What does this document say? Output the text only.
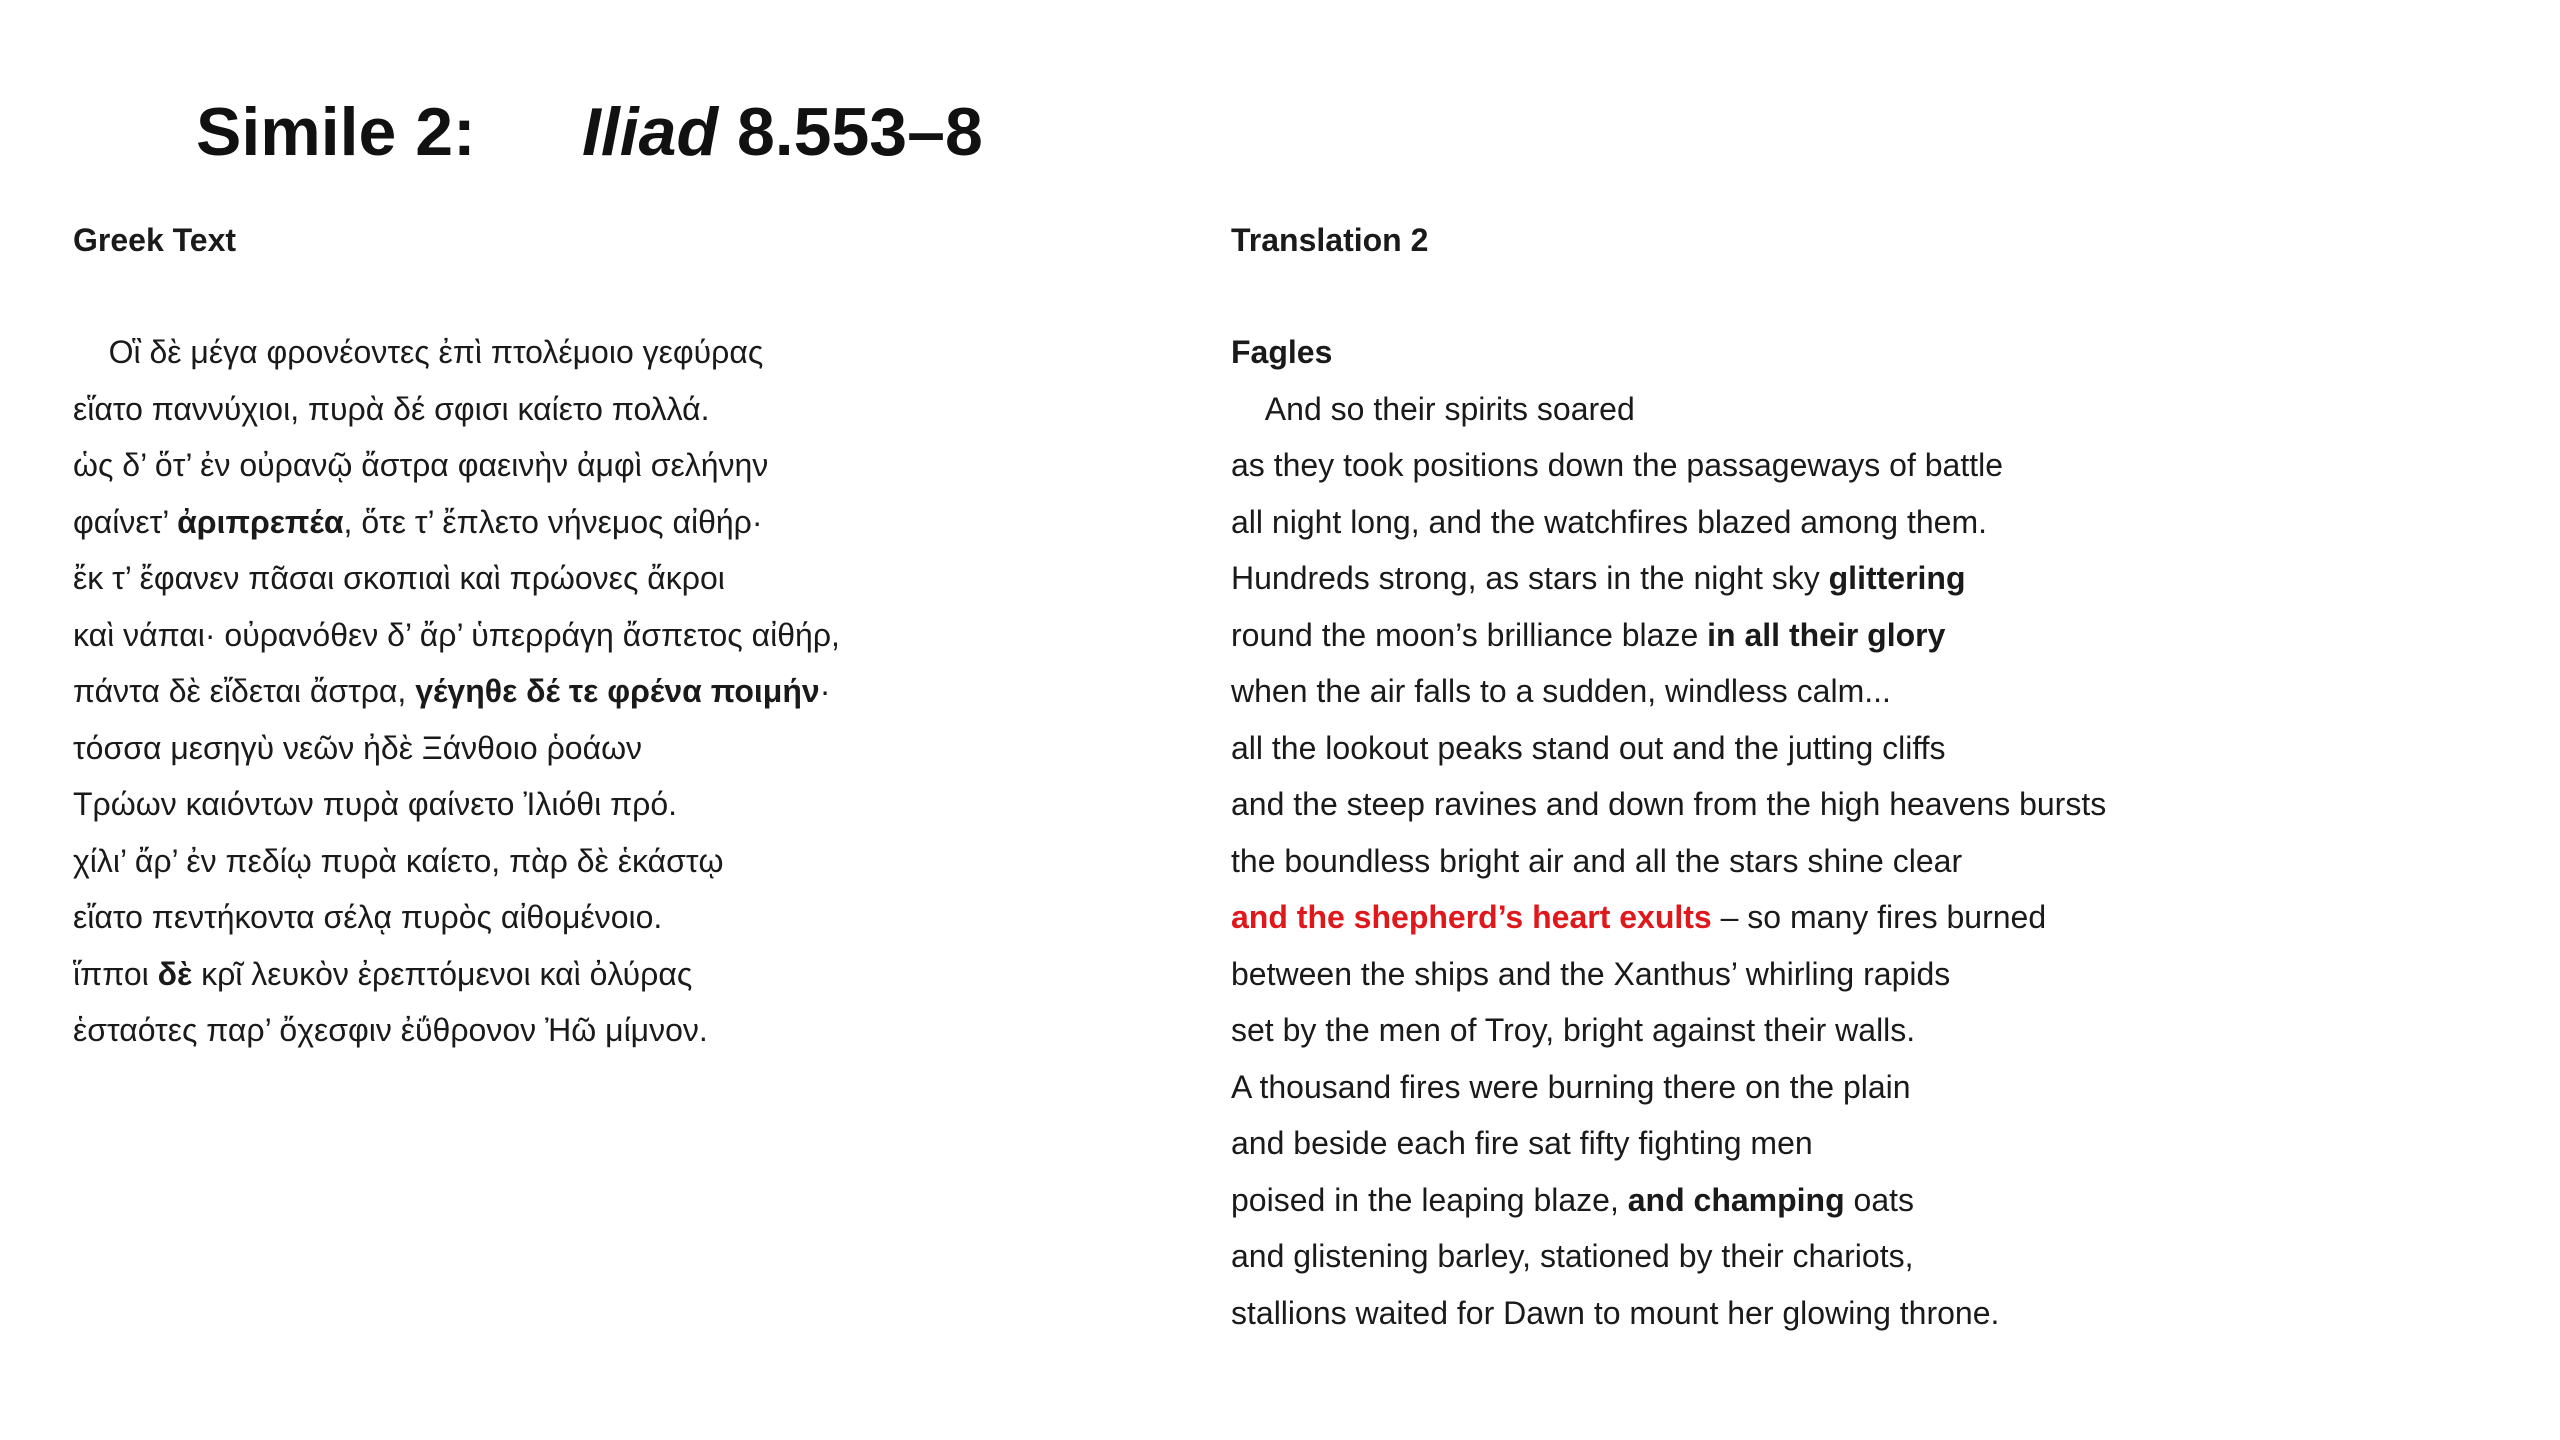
Simile 2: Iliad 8.553–8
Greek Text
Οἳ δὲ μέγα φρονέοντες ἐπὶ πτολέμοιο γεφύρας
εἵατο παννύχιοι, πυρὰ δέ σφισι καίετο πολλά.
ὡς δ’ ὅτ’ ἐν οὐρανῷ ἄστρα φαεινὴν ἀμφὶ σελήνην
φαίνετ’ ἀριπρεπέα, ὅτε τ’ ἔπλετο νήνεμος αἰθήρ·
ἔκ τ’ ἔφανεν πᾶσαι σκοπιαὶ καὶ πρώονες ἄκροι
καὶ νάπαι· οὐρανόθεν δ’ ἄρ’ ὑπερράγη ἄσπετος αἰθήρ,
πάντα δὲ εἴδεται ἄστρα, γέγηθε δέ τε φρένα ποιμήν·
τόσσα μεσηγὺ νεῶν ἠδὲ Ξάνθοιο ῥοάων
Τρώων καιόντων πυρὰ φαίνετο Ἰλιόθι πρό.
χίλι’ ἄρ’ ἐν πεδίῳ πυρὰ καίετο, πὰρ δὲ ἑκάστῳ
εἴατο πεντήκοντα σέλᾳ πυρὸς αἰθομένοιο.
ἵπποι δὲ κρῖ λευκὸν ἐρεπτόμενοι καὶ ὀλύρας
ἑσταότες παρ’ ὄχεσφιν ἐΰθρονον Ἠῶ μίμνον.
Translation 2
Fagles
And so their spirits soared
as they took positions down the passageways of battle
all night long, and the watchfires blazed among them.
Hundreds strong, as stars in the night sky glittering
round the moon’s brilliance blaze in all their glory
when the air falls to a sudden, windless calm...
all the lookout peaks stand out and the jutting cliffs
and the steep ravines and down from the high heavens bursts
the boundless bright air and all the stars shine clear
and the shepherd’s heart exults – so many fires burned
between the ships and the Xanthus’ whirling rapids
set by the men of Troy, bright against their walls.
A thousand fires were burning there on the plain
and beside each fire sat fifty fighting men
poised in the leaping blaze, and champing oats
and glistening barley, stationed by their chariots,
stallions waited for Dawn to mount her glowing throne.
